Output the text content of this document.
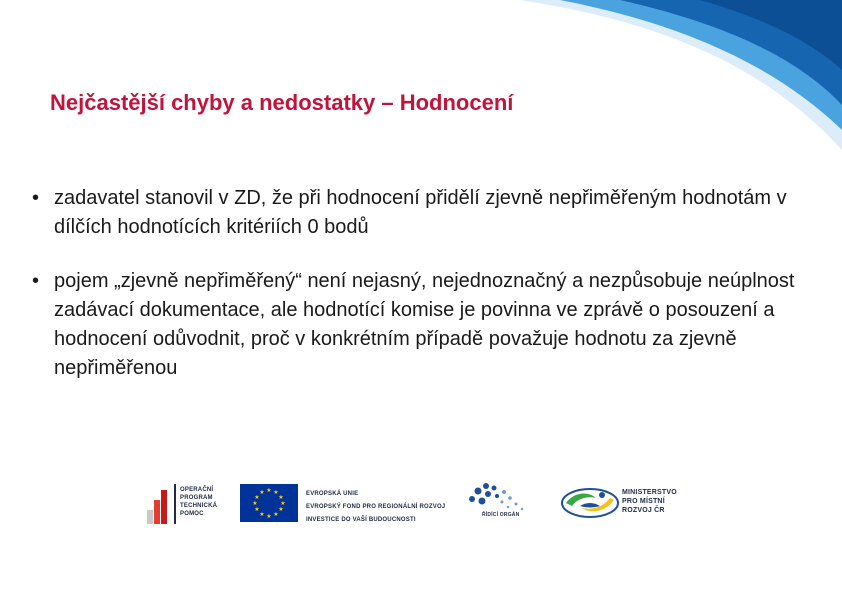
Nejčastější chyby a nedostatky – Hodnocení
• zadavatel stanovil v ZD, že při hodnocení přidělí zjevně nepřiměřeným hodnotám v dílčích hodnotících kritériích 0 bodů
• pojem „zjevně nepřiměřený“ není nejasný, nejednoznačný a nezpůsobuje neúplnost zadávací dokumentace, ale hodnotící komise je povinna ve zprávě o posouzení a hodnocení odůvodnit, proč v konkrétním případě považuje hodnotu za zjevně nepřiměřenou
OPERAČNÍ
PROGRAM
TECHNICKÁ
POMOC
★ ★
★
★
★
★
★
★
★
★
★
★	EVROPSKÁ UNIE
EVROPSKÝ FOND PRO REGIONÁLNÍ ROZVOJ
INVESTICE DO VAŠÍ BUDOUCNOSTI
ŘÍDÍCÍ ORGÁN
MINISTERSTVO
PRO MÍSTNÍ
ROZVOJ ČR
